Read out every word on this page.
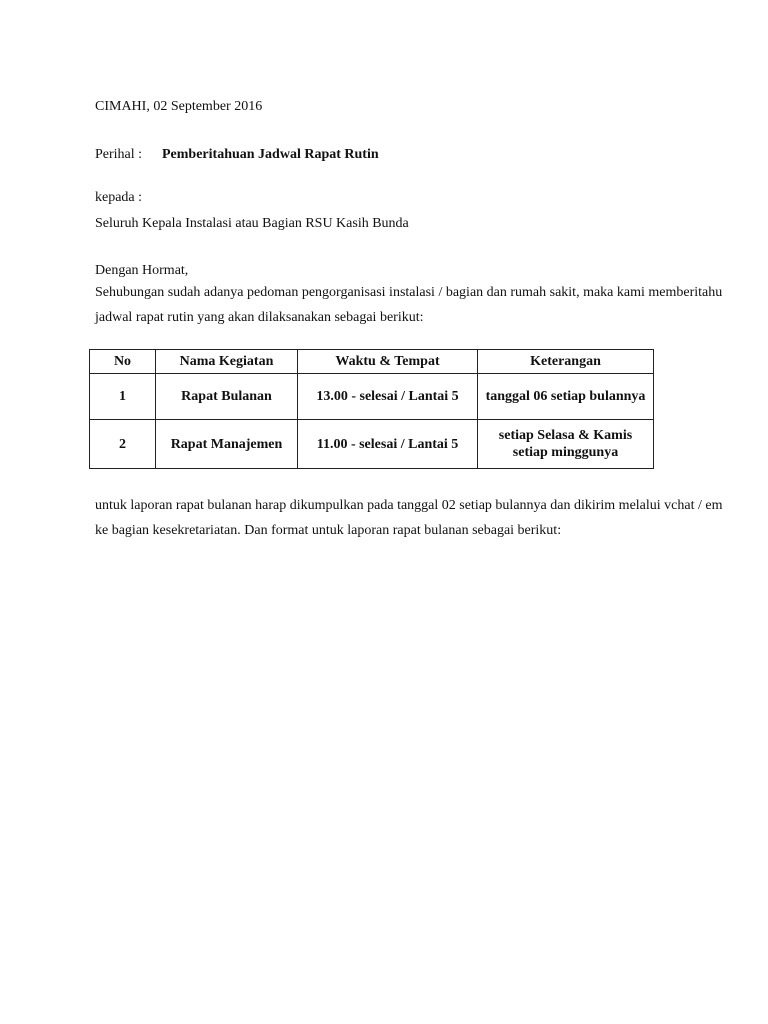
CIMAHI, 02 September 2016
Perihal : Pemberitahuan Jadwal Rapat Rutin
kepada :
Seluruh Kepala Instalasi atau Bagian RSU Kasih Bunda
Dengan Hormat,
Sehubungan sudah adanya pedoman pengorganisasi instalasi / bagian dan rumah sakit, maka kami memberitahu
jadwal rapat rutin yang akan dilaksanakan sebagai berikut:
No	Nama Kegiatan	Waktu & Tempat	Keterangan
1	Rapat Bulanan	13.00 - selesai / Lantai 5	tanggal 06 setiap bulannya

2	Rapat Manajemen	11.00 - selesai / Lantai 5	setiap Selasa & Kamis
setiap minggunya
untuk laporan rapat bulanan harap dikumpulkan pada tanggal 02 setiap bulannya dan dikirim melalui vchat / em
ke bagian kesekretariatan. Dan format untuk laporan rapat bulanan sebagai berikut:
